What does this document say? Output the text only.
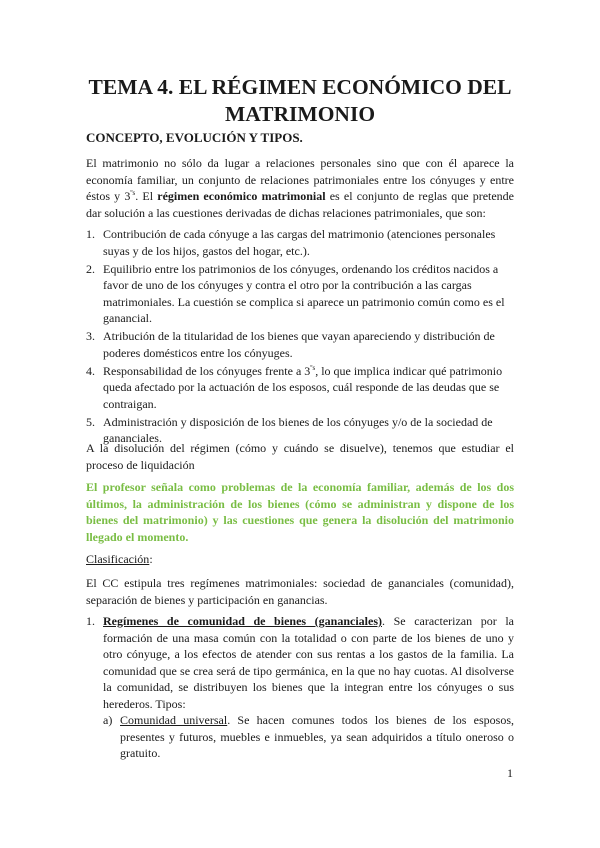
TEMA 4. EL RÉGIMEN ECONÓMICO DEL MATRIMONIO
CONCEPTO, EVOLUCIÓN Y TIPOS.
El matrimonio no sólo da lugar a relaciones personales sino que con él aparece la economía familiar, un conjunto de relaciones patrimoniales entre los cónyuges y entre éstos y $3^{ºs}$. El régimen económico matrimonial es el conjunto de reglas que pretende dar solución a las cuestiones derivadas de dichas relaciones patrimoniales, que son:
1. Contribución de cada cónyuge a las cargas del matrimonio (atenciones personales suyas y de los hijos, gastos del hogar, etc.).
2. Equilibrio entre los patrimonios de los cónyuges, ordenando los créditos nacidos a favor de uno de los cónyuges y contra el otro por la contribución a las cargas matrimoniales. La cuestión se complica si aparece un patrimonio común como es el ganancial.
3. Atribución de la titularidad de los bienes que vayan apareciendo y distribución de poderes domésticos entre los cónyuges.
4. Responsabilidad de los cónyuges frente a $3^{ºs}$, lo que implica indicar qué patrimonio queda afectado por la actuación de los esposos, cuál responde de las deudas que se contraigan.
5. Administración y disposición de los bienes de los cónyuges y/o de la sociedad de gananciales.
A la disolución del régimen (cómo y cuándo se disuelve), tenemos que estudiar el proceso de liquidación
El profesor señala como problemas de la economía familiar, además de los dos últimos, la administración de los bienes (cómo se administran y dispone de los bienes del matrimonio) y las cuestiones que genera la disolución del matrimonio llegado el momento.
Clasificación:
El CC estipula tres regímenes matrimoniales: sociedad de gananciales (comunidad), separación de bienes y participación en ganancias.
1. Regímenes de comunidad de bienes (gananciales). Se caracterizan por la formación de una masa común con la totalidad o con parte de los bienes de uno y otro cónyuge, a los efectos de atender con sus rentas a los gastos de la familia. La comunidad que se crea será de tipo germánica, en la que no hay cuotas. Al disolverse la comunidad, se distribuyen los bienes que la integran entre los cónyuges o sus herederos. Tipos:
a) Comunidad universal. Se hacen comunes todos los bienes de los esposos, presentes y futuros, muebles e inmuebles, ya sean adquiridos a título oneroso o gratuito.
1
